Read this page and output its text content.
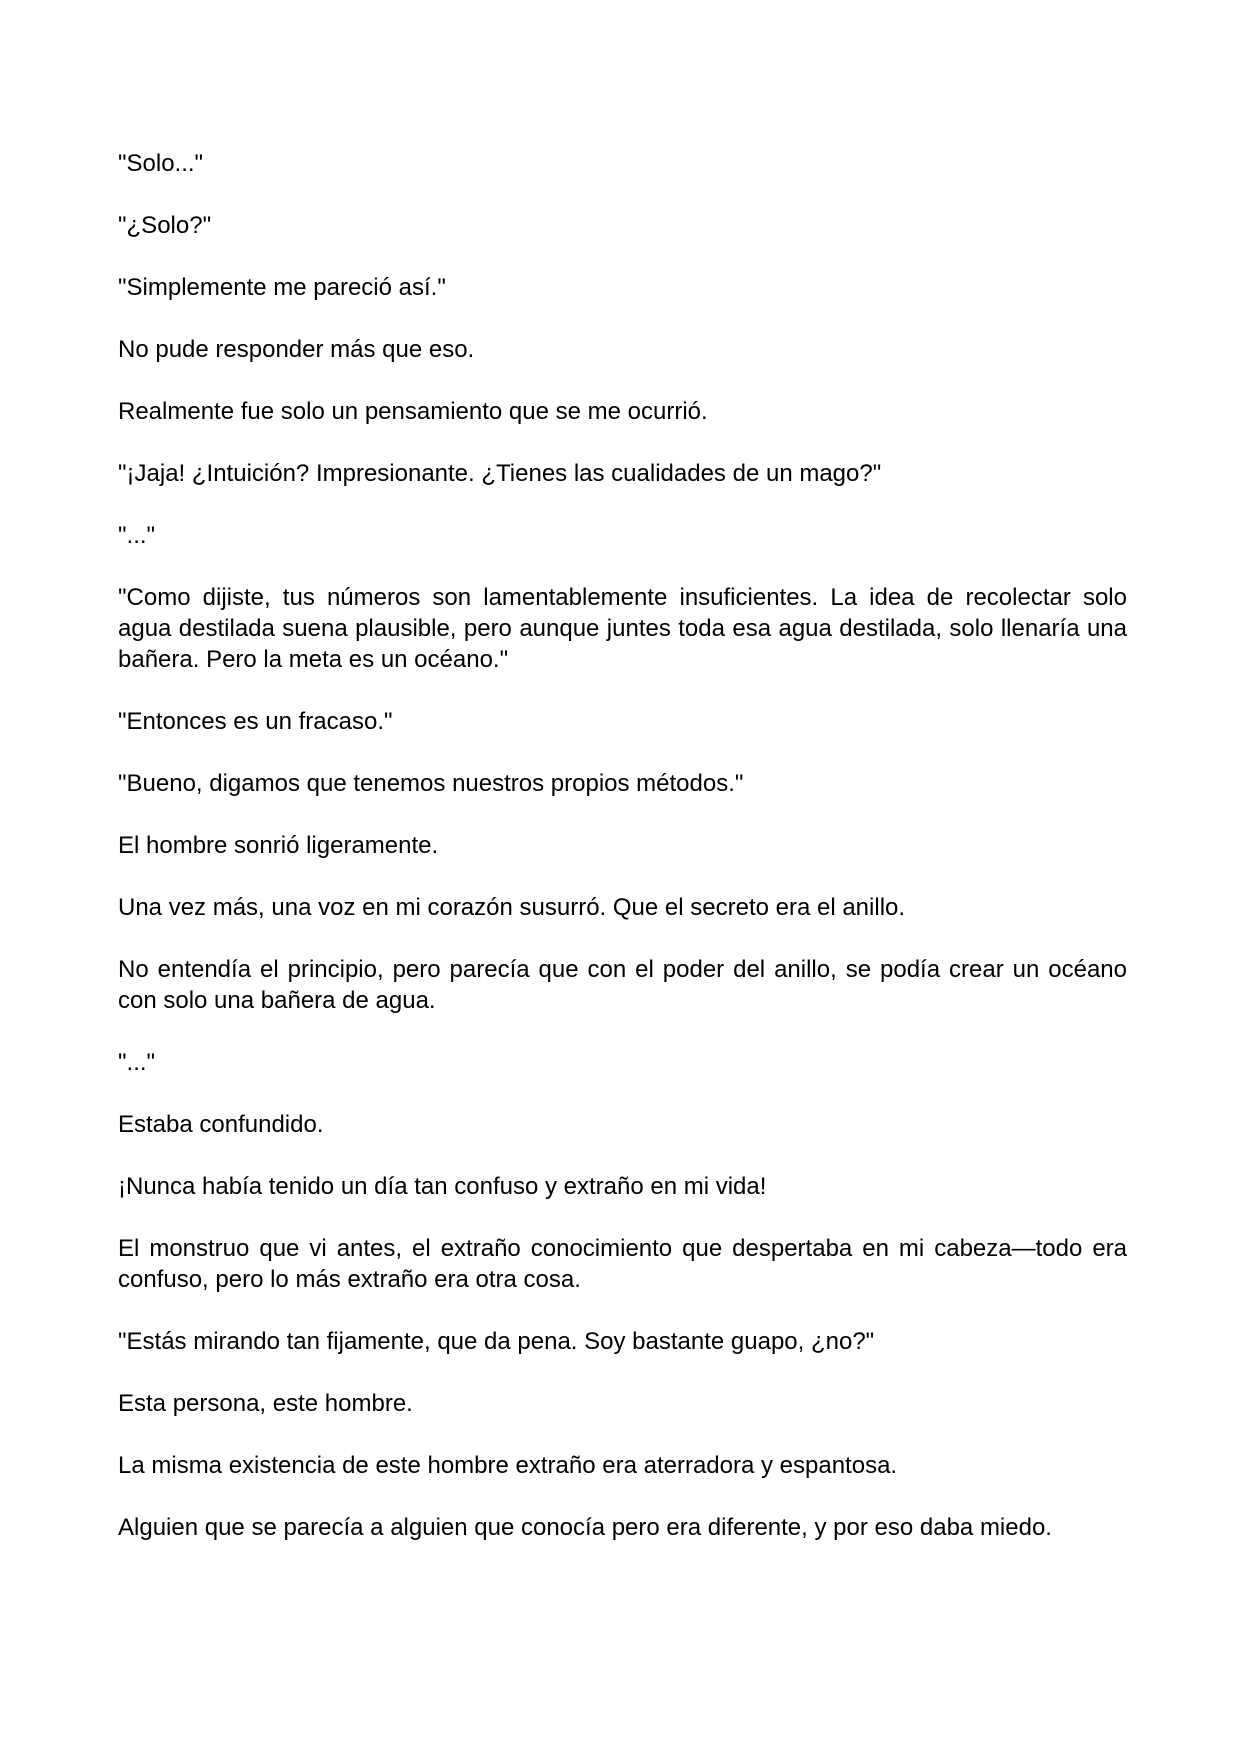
"Solo..."

"¿Solo?"

"Simplemente me pareció así."

No pude responder más que eso.

Realmente fue solo un pensamiento que se me ocurrió.

"¡Jaja! ¿Intuición? Impresionante. ¿Tienes las cualidades de un mago?"

"..."

"Como dijiste, tus números son lamentablemente insuficientes. La idea de recolectar solo agua destilada suena plausible, pero aunque juntes toda esa agua destilada, solo llenaría una bañera. Pero la meta es un océano."

"Entonces es un fracaso."

"Bueno, digamos que tenemos nuestros propios métodos."

El hombre sonrió ligeramente.

Una vez más, una voz en mi corazón susurró. Que el secreto era el anillo.

No entendía el principio, pero parecía que con el poder del anillo, se podía crear un océano con solo una bañera de agua.

"..."

Estaba confundido.

¡Nunca había tenido un día tan confuso y extraño en mi vida!

El monstruo que vi antes, el extraño conocimiento que despertaba en mi cabeza—todo era confuso, pero lo más extraño era otra cosa.

"Estás mirando tan fijamente, que da pena. Soy bastante guapo, ¿no?"

Esta persona, este hombre.

La misma existencia de este hombre extraño era aterradora y espantosa.

Alguien que se parecía a alguien que conocía pero era diferente, y por eso daba miedo.
